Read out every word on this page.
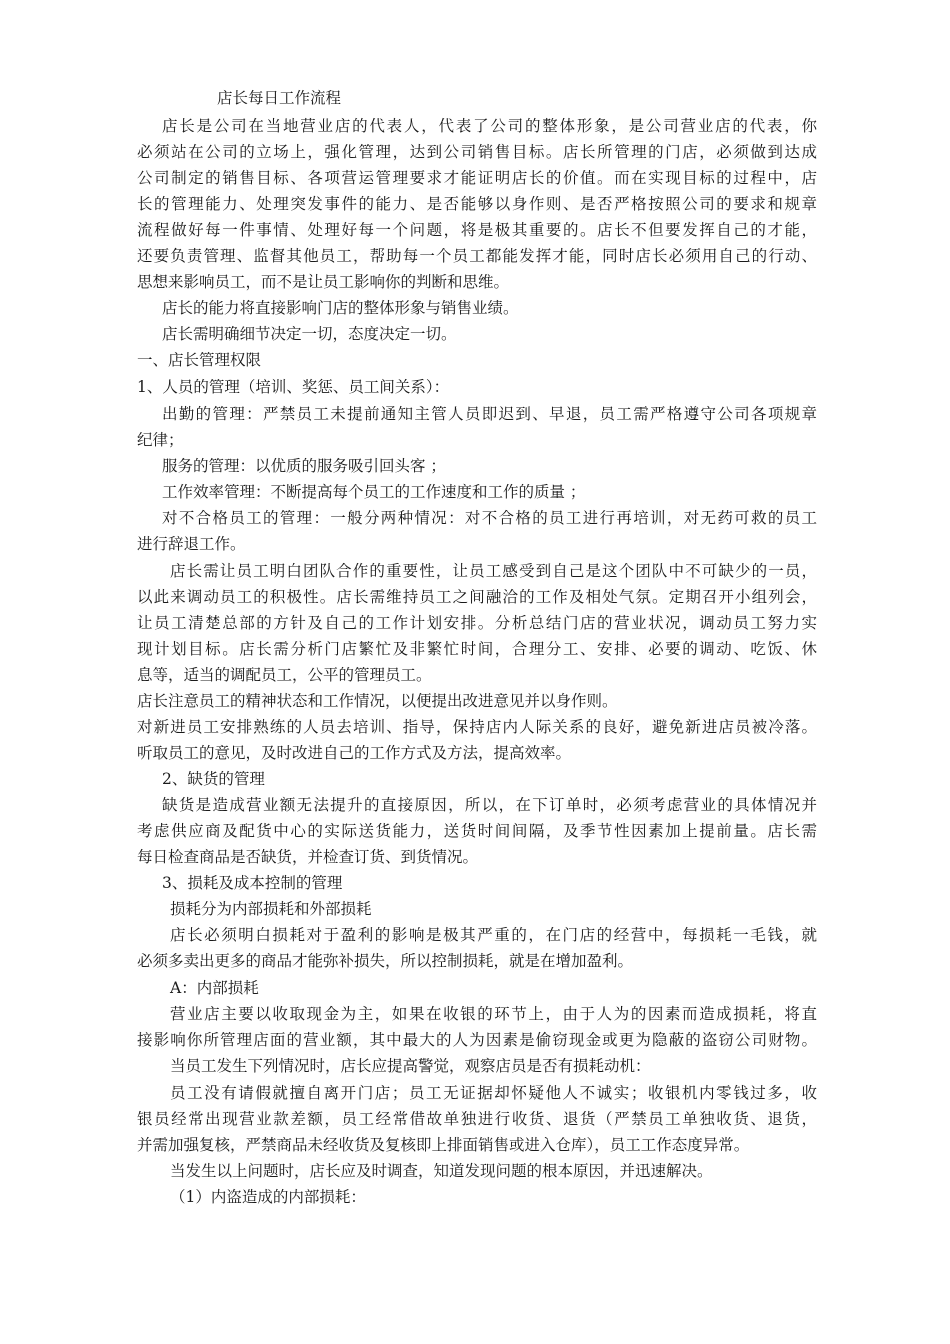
店长每日工作流程
店长是公司在当地营业店的代表人，代表了公司的整体形象，是公司营业店的代表，你
必须站在公司的立场上，强化管理，达到公司销售目标。店长所管理的门店，必须做到达成
公司制定的销售目标、各项营运管理要求才能证明店长的价值。而在实现目标的过程中，店
长的管理能力、处理突发事件的能力、是否能够以身作则、是否严格按照公司的要求和规章
流程做好每一件事情、处理好每一个问题，将是极其重要的。店长不但要发挥自己的才能，
还要负责管理、监督其他员工，帮助每一个员工都能发挥才能，同时店长必须用自己的行动、
思想来影响员工，而不是让员工影响你的判断和思维。
店长的能力将直接影响门店的整体形象与销售业绩。
店长需明确细节决定一切，态度决定一切。
一、店长管理权限
1、人员的管理（培训、奖惩、员工间关系）：
出勤的管理：严禁员工未提前通知主管人员即迟到、早退，员工需严格遵守公司各项规章
纪律；
服务的管理：以优质的服务吸引回头客 ；
工作效率管理：不断提高每个员工的工作速度和工作的质量 ；
对不合格员工的管理：一般分两种情况：对不合格的员工进行再培训，对无药可救的员工
进行辞退工作。
店长需让员工明白团队合作的重要性，让员工感受到自己是这个团队中不可缺少的一员，
以此来调动员工的积极性。店长需维持员工之间融洽的工作及相处气氛。定期召开小组列会，
让员工清楚总部的方针及自己的工作计划安排。分析总结门店的营业状况，调动员工努力实
现计划目标。店长需分析门店繁忙及非繁忙时间，合理分工、安排、必要的调动、吃饭、休
息等，适当的调配员工，公平的管理员工。
店长注意员工的精神状态和工作情况，以便提出改进意见并以身作则。
对新进员工安排熟练的人员去培训、指导，保持店内人际关系的良好，避免新进店员被冷落。
听取员工的意见，及时改进自己的工作方式及方法，提高效率。
2、缺货的管理
缺货是造成营业额无法提升的直接原因，所以，在下订单时，必须考虑营业的具体情况并
考虑供应商及配货中心的实际送货能力，送货时间间隔，及季节性因素加上提前量。店长需
每日检查商品是否缺货，并检查订货、到货情况。
3、损耗及成本控制的管理
损耗分为内部损耗和外部损耗
店长必须明白损耗对于盈利的影响是极其严重的，在门店的经营中，每损耗一毛钱，就
必须多卖出更多的商品才能弥补损失，所以控制损耗，就是在增加盈利。
A：内部损耗
营业店主要以收取现金为主，如果在收银的环节上，由于人为的因素而造成损耗，将直
接影响你所管理店面的营业额，其中最大的人为因素是偷窃现金或更为隐蔽的盗窃公司财物。
当员工发生下列情况时，店长应提高警觉，观察店员是否有损耗动机：
员工没有请假就擅自离开门店；员工无证据却怀疑他人不诚实；收银机内零钱过多，收
银员经常出现营业款差额，员工经常借故单独进行收货、退货（严禁员工单独收货、退货，
并需加强复核，严禁商品未经收货及复核即上排面销售或进入仓库），员工工作态度异常。
当发生以上问题时，店长应及时调查，知道发现问题的根本原因，并迅速解决。
（1）内盗造成的内部损耗：
